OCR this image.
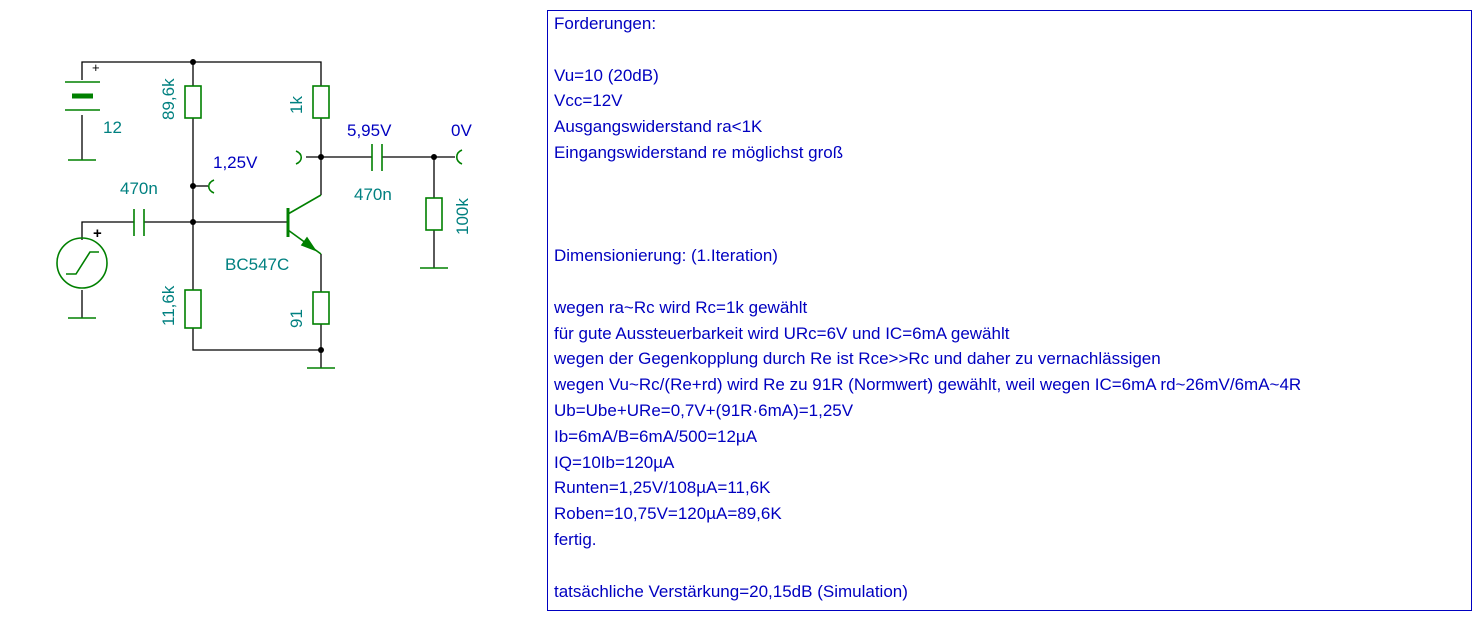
+
12
+
89,6k
11,6k
1k
91
100k
470n	470n
BC547C
1,25V
5,95V	0V

Forderungen:

Vu=10 (20dB)

Vcc=12V

Ausgangswiderstand ra<1K

Eingangswiderstand re möglichst groß

Dimensionierung: (1.Iteration)

wegen ra~Rc wird Rc=1k gewählt

für gute Aussteuerbarkeit wird URc=6V und IC=6mA gewählt

wegen der Gegenkopplung durch Re ist Rce>>Rc und daher zu vernachlässigen

wegen Vu~Rc/(Re+rd) wird Re zu 91R (Normwert) gewählt, weil wegen IC=6mA rd~26mV/6mA~4R

Ub=Ube+URe=0,7V+(91R·6mA)=1,25V

Ib=6mA/B=6mA/500=12µA

IQ=10Ib=120µA

Runten=1,25V/108µA=11,6K

Roben=10,75V=120µA=89,6K

fertig.

tatsächliche Verstärkung=20,15dB (Simulation)
